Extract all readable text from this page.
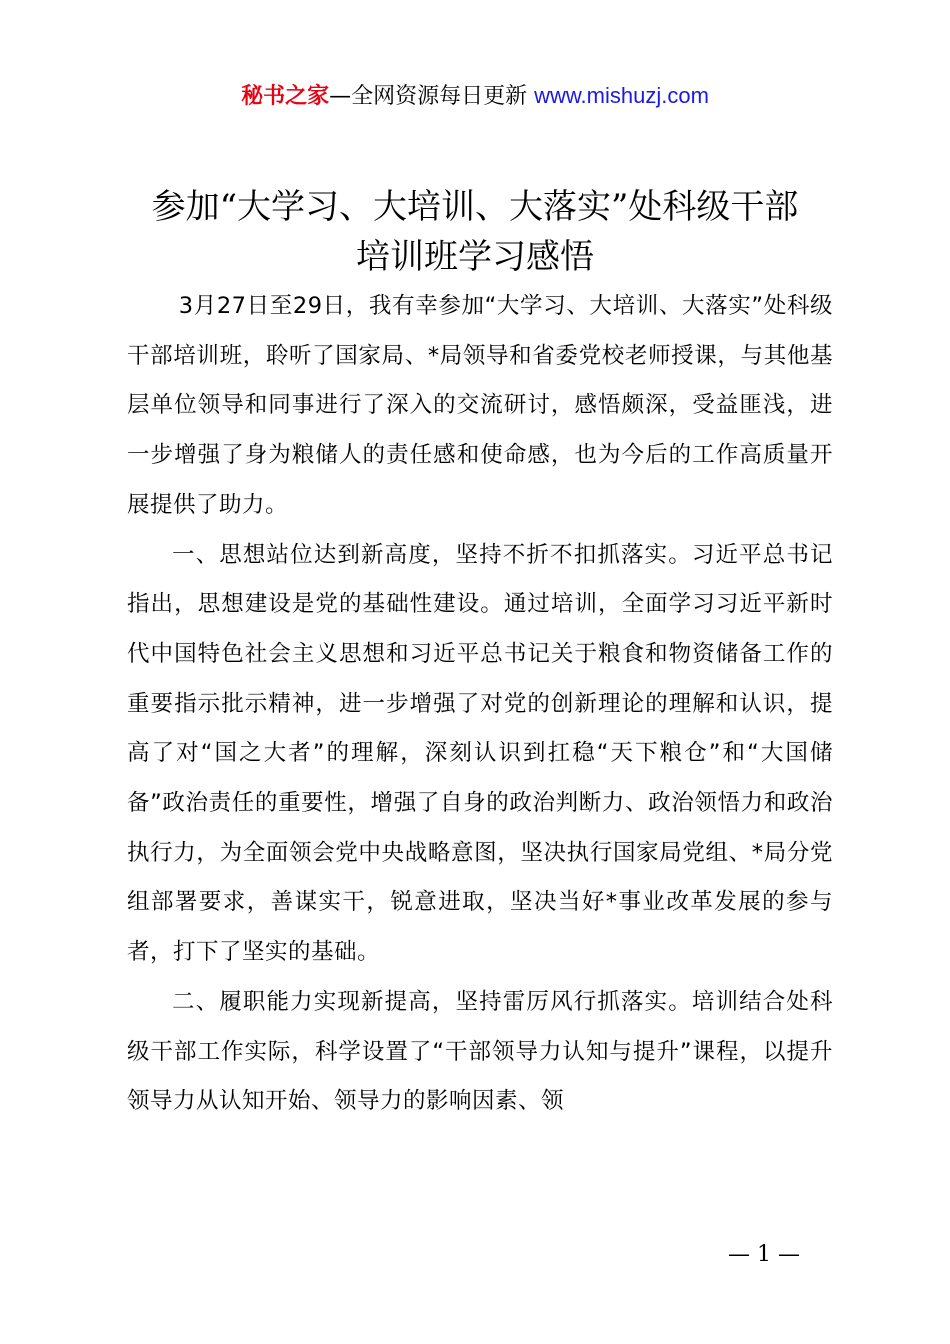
秘书之家—全网资源每日更新 www.mishuzj.com
参加“大学习、大培训、大落实”处科级干部
培训班学习感悟

3月27日至29日，我有幸参加“大学习、大培训、大落实”处科级干部培训班，聆听了国家局、*局领导和省委党校老师授课，与其他基层单位领导和同事进行了深入的交流研讨，感悟颇深，受益匪浅，进一步增强了身为粮储人的责任感和使命感，也为今后的工作高质量开展提供了助力。

一、思想站位达到新高度，坚持不折不扣抓落实。习近平总书记指出，思想建设是党的基础性建设。通过培训，全面学习习近平新时代中国特色社会主义思想和习近平总书记关于粮食和物资储备工作的重要指示批示精神，进一步增强了对党的创新理论的理解和认识，提高了对“国之大者”的理解，深刻认识到扛稳“天下粮仓”和“大国储备”政治责任的重要性，增强了自身的政治判断力、政治领悟力和政治执行力，为全面领会党中央战略意图，坚决执行国家局党组、*局分党组部署要求，善谋实干，锐意进取，坚决当好*事业改革发展的参与者，打下了坚实的基础。

二、履职能力实现新提高，坚持雷厉风行抓落实。培训结合处科级干部工作实际，科学设置了“干部领导力认知与提升”课程，以提升领导力从认知开始、领导力的影响因素、领

— 1 —
